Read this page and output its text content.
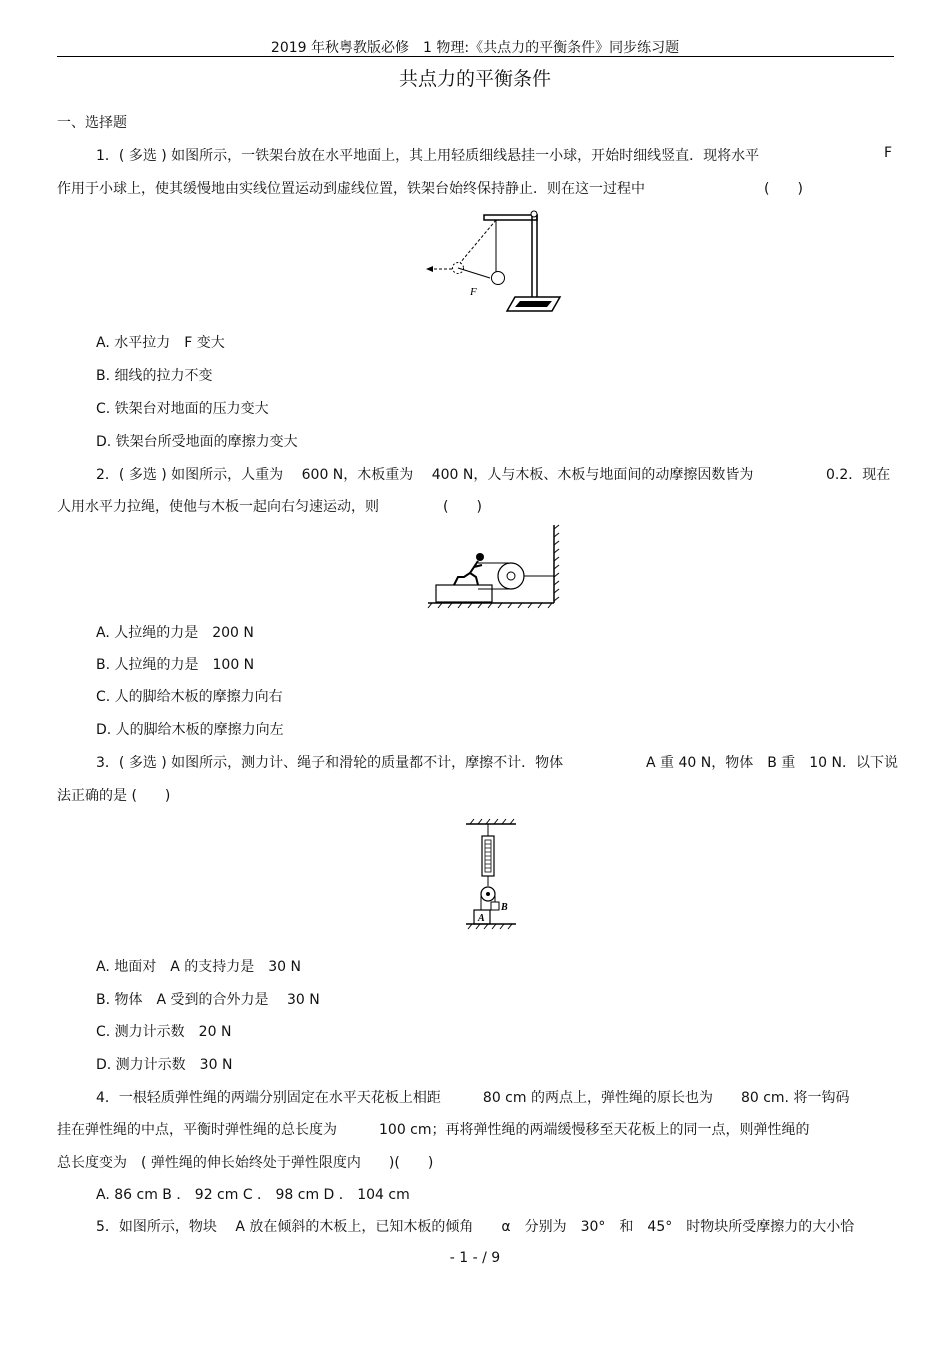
2019 年秋粤教版必修　1 物理:《共点力的平衡条件》同步练习题
共点力的平衡条件
一、选择题
1．( 多选 ) 如图所示，一铁架台放在水平地面上，其上用轻质细线悬挂一小球，开始时细线竖直．现将水平	F
作用于小球上，使其缓慢地由实线位置运动到虚线位置，铁架台始终保持静止．则在这一过程中	(　　)
F
A. 水平拉力　F 变大
B. 细线的拉力不变
C. 铁架台对地面的压力变大
D. 铁架台所受地面的摩擦力变大
2．( 多选 ) 如图所示，人重为　 600 N，木板重为　 400 N，人与木板、木板与地面间的动摩擦因数皆为	0.2．现在
人用水平力拉绳，使他与木板一起向右匀速运动，则	(　　)
A. 人拉绳的力是　200 N
B. 人拉绳的力是　100 N
C. 人的脚给木板的摩擦力向右
D. 人的脚给木板的摩擦力向左
3．( 多选 ) 如图所示，测力计、绳子和滑轮的质量都不计，摩擦不计．物体	A 重 40 N，物体　B 重　10 N．以下说
法正确的是 (　　)
B
A
A. 地面对　A 的支持力是　30 N
B. 物体　A 受到的合外力是　 30 N
C. 测力计示数　20 N
D. 测力计示数　30 N
4．一根轻质弹性绳的两端分别固定在水平天花板上相距　　　80 cm 的两点上，弹性绳的原长也为　　80 cm. 将一钩码
挂在弹性绳的中点，平衡时弹性绳的总长度为　　　100 cm；再将弹性绳的两端缓慢移至天花板上的同一点，则弹性绳的
总长度变为　( 弹性绳的伸长始终处于弹性限度内　　)(　　)
A. 86 cm B ． 92 cm C ． 98 cm D ． 104 cm
5．如图所示，物块　 A 放在倾斜的木板上，已知木板的倾角　　α　分别为　30°　和　45°　时物块所受摩擦力的大小恰
- 1 - / 9
